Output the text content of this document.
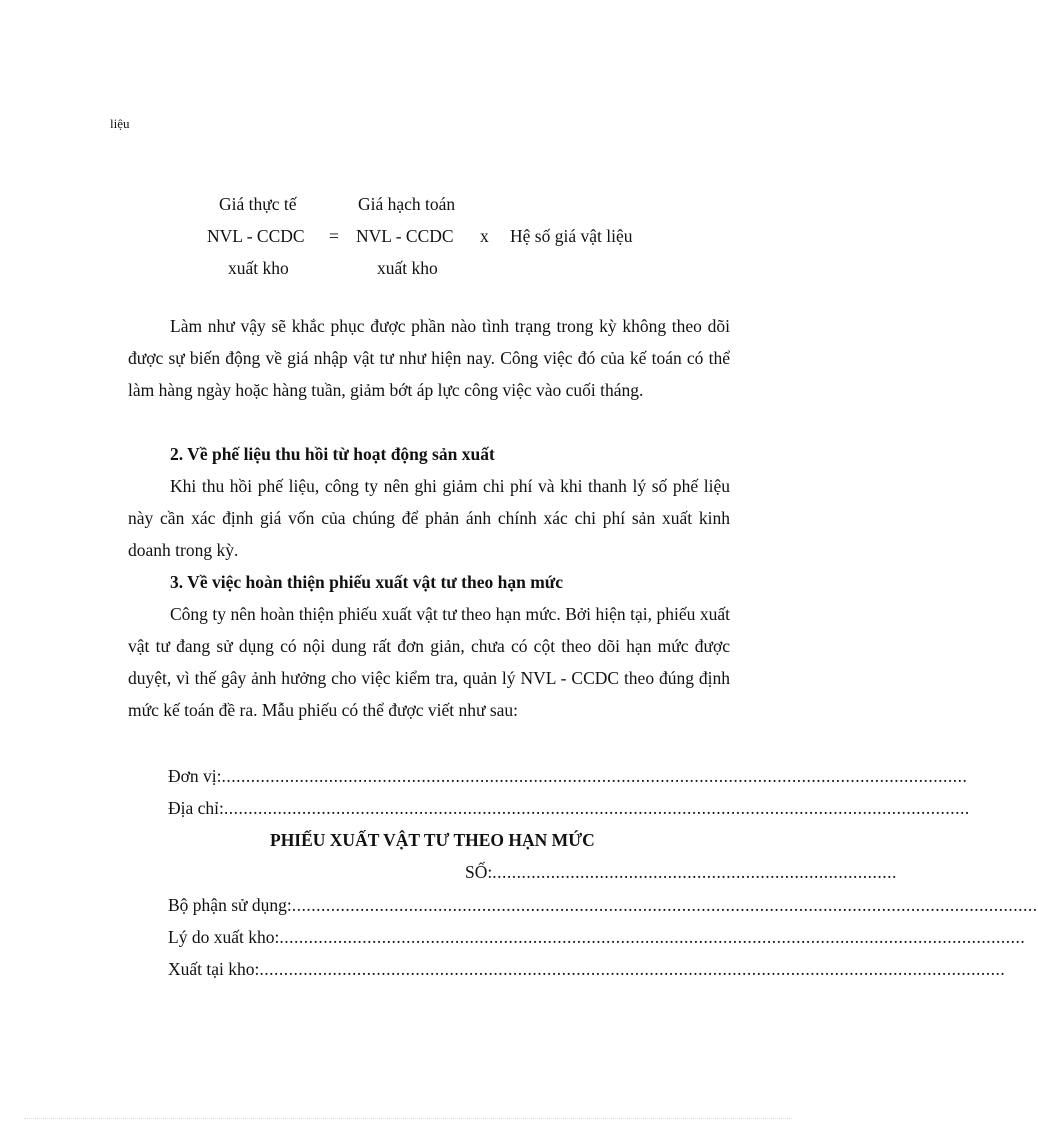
liệu
Giá thực tế
NVL - CCDC
xuất kho
=
Giá hạch toán
NVL - CCDC
xuất kho
x Hệ số giá vật liệu
Làm như vậy sẽ khắc phục được phần nào tình trạng trong kỳ không theo dõi được sự biến động về giá nhập vật tư như hiện nay. Công việc đó của kế toán có thể làm hàng ngày hoặc hàng tuần, giảm bớt áp lực công việc vào cuối tháng.
2. Về phế liệu thu hồi từ hoạt động sản xuất
Khi thu hồi phế liệu, công ty nên ghi giảm chi phí và khi thanh lý số phế liệu này cần xác định giá vốn của chúng để phản ánh chính xác chi phí sản xuất kinh doanh trong kỳ.
3. Về việc hoàn thiện phiếu xuất vật tư theo hạn mức
Công ty nên hoàn thiện phiếu xuất vật tư theo hạn mức. Bởi hiện tại, phiếu xuất vật tư đang sử dụng có nội dung rất đơn giản, chưa có cột theo dõi hạn mức được duyệt, vì thế gây ảnh hưởng cho việc kiểm tra, quản lý NVL - CCDC theo đúng định mức kế toán đề ra. Mẫu phiếu có thể được viết như sau:
Đơn vị: .........................................................................................................................................................
Địa chỉ: .........................................................................................................................................................
PHIẾU XUẤT VẬT TƯ THEO HẠN MỨC
SỐ: ...................................................................................
Bộ phận sử dụng: .........................................................................................................................................................
Lý do xuất kho: .........................................................................................................................................................
Xuất tại kho: .........................................................................................................................................................
